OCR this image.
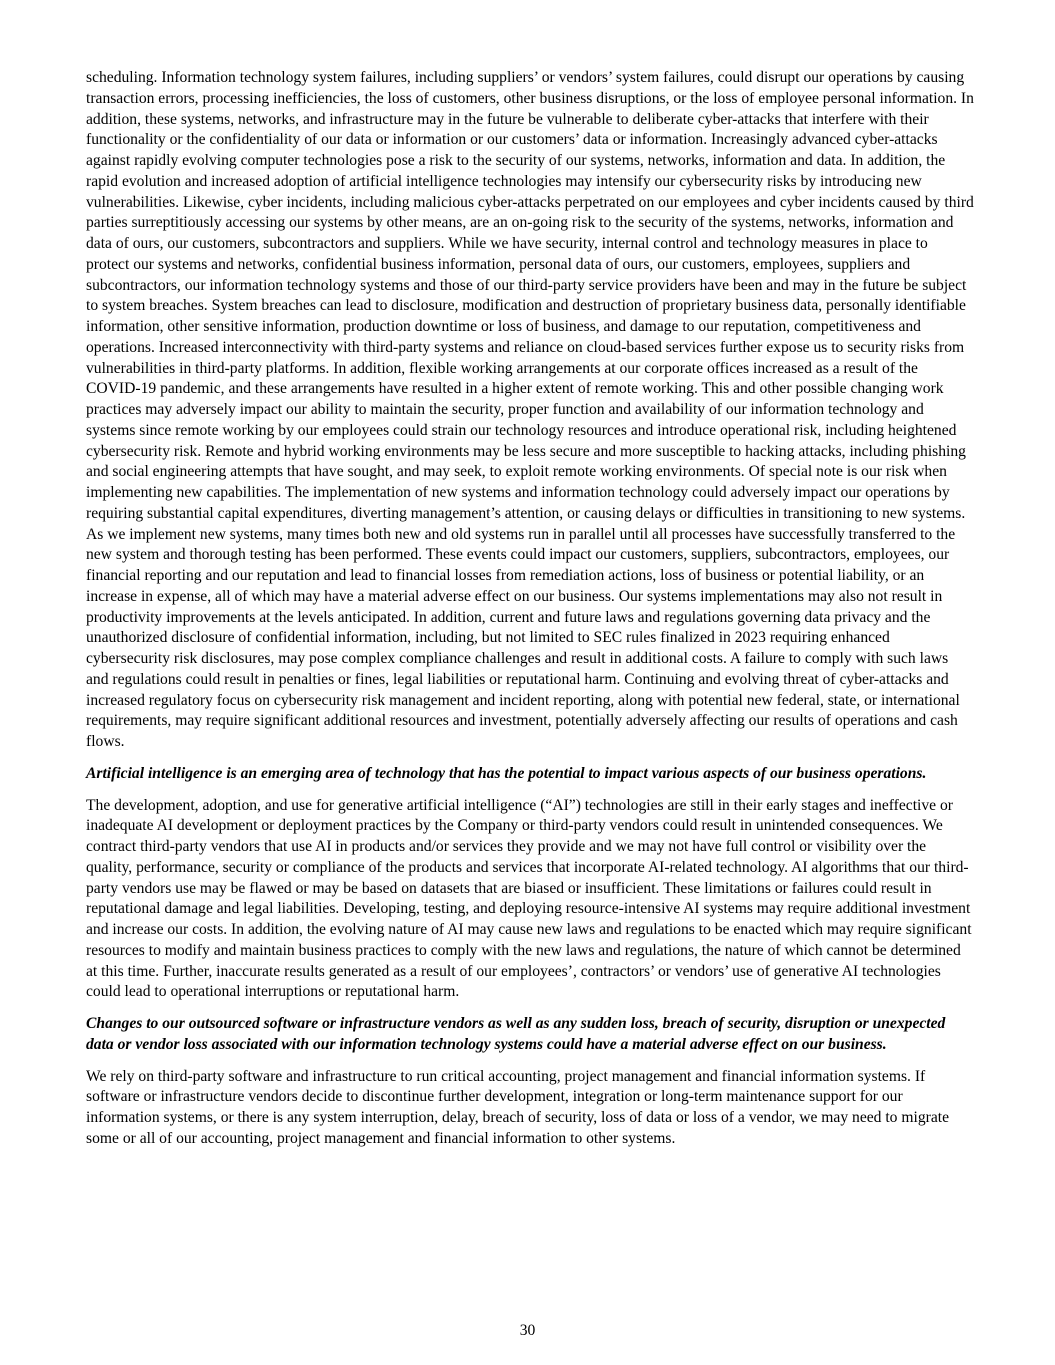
scheduling. Information technology system failures, including suppliers’ or vendors’ system failures, could disrupt our operations by causing transaction errors, processing inefficiencies, the loss of customers, other business disruptions, or the loss of employee personal information. In addition, these systems, networks, and infrastructure may in the future be vulnerable to deliberate cyber-attacks that interfere with their functionality or the confidentiality of our data or information or our customers’ data or information. Increasingly advanced cyber-attacks against rapidly evolving computer technologies pose a risk to the security of our systems, networks, information and data. In addition, the rapid evolution and increased adoption of artificial intelligence technologies may intensify our cybersecurity risks by introducing new vulnerabilities. Likewise, cyber incidents, including malicious cyber-attacks perpetrated on our employees and cyber incidents caused by third parties surreptitiously accessing our systems by other means, are an on-going risk to the security of the systems, networks, information and data of ours, our customers, subcontractors and suppliers. While we have security, internal control and technology measures in place to protect our systems and networks, confidential business information, personal data of ours, our customers, employees, suppliers and subcontractors, our information technology systems and those of our third-party service providers have been and may in the future be subject to system breaches. System breaches can lead to disclosure, modification and destruction of proprietary business data, personally identifiable information, other sensitive information, production downtime or loss of business, and damage to our reputation, competitiveness and operations. Increased interconnectivity with third-party systems and reliance on cloud-based services further expose us to security risks from vulnerabilities in third-party platforms. In addition, flexible working arrangements at our corporate offices increased as a result of the COVID-19 pandemic, and these arrangements have resulted in a higher extent of remote working. This and other possible changing work practices may adversely impact our ability to maintain the security, proper function and availability of our information technology and systems since remote working by our employees could strain our technology resources and introduce operational risk, including heightened cybersecurity risk. Remote and hybrid working environments may be less secure and more susceptible to hacking attacks, including phishing and social engineering attempts that have sought, and may seek, to exploit remote working environments. Of special note is our risk when implementing new capabilities. The implementation of new systems and information technology could adversely impact our operations by requiring substantial capital expenditures, diverting management’s attention, or causing delays or difficulties in transitioning to new systems. As we implement new systems, many times both new and old systems run in parallel until all processes have successfully transferred to the new system and thorough testing has been performed. These events could impact our customers, suppliers, subcontractors, employees, our financial reporting and our reputation and lead to financial losses from remediation actions, loss of business or potential liability, or an increase in expense, all of which may have a material adverse effect on our business. Our systems implementations may also not result in productivity improvements at the levels anticipated. In addition, current and future laws and regulations governing data privacy and the unauthorized disclosure of confidential information, including, but not limited to SEC rules finalized in 2023 requiring enhanced cybersecurity risk disclosures, may pose complex compliance challenges and result in additional costs. A failure to comply with such laws and regulations could result in penalties or fines, legal liabilities or reputational harm. Continuing and evolving threat of cyber-attacks and increased regulatory focus on cybersecurity risk management and incident reporting, along with potential new federal, state, or international requirements, may require significant additional resources and investment, potentially adversely affecting our results of operations and cash flows.

Artificial intelligence is an emerging area of technology that has the potential to impact various aspects of our business operations.

The development, adoption, and use for generative artificial intelligence (“AI”) technologies are still in their early stages and ineffective or inadequate AI development or deployment practices by the Company or third-party vendors could result in unintended consequences. We contract third-party vendors that use AI in products and/or services they provide and we may not have full control or visibility over the quality, performance, security or compliance of the products and services that incorporate AI-related technology. AI algorithms that our third-party vendors use may be flawed or may be based on datasets that are biased or insufficient. These limitations or failures could result in reputational damage and legal liabilities. Developing, testing, and deploying resource-intensive AI systems may require additional investment and increase our costs. In addition, the evolving nature of AI may cause new laws and regulations to be enacted which may require significant resources to modify and maintain business practices to comply with the new laws and regulations, the nature of which cannot be determined at this time. Further, inaccurate results generated as a result of our employees’, contractors’ or vendors’ use of generative AI technologies could lead to operational interruptions or reputational harm.

Changes to our outsourced software or infrastructure vendors as well as any sudden loss, breach of security, disruption or unexpected data or vendor loss associated with our information technology systems could have a material adverse effect on our business.

We rely on third-party software and infrastructure to run critical accounting, project management and financial information systems. If software or infrastructure vendors decide to discontinue further development, integration or long-term maintenance support for our information systems, or there is any system interruption, delay, breach of security, loss of data or loss of a vendor, we may need to migrate some or all of our accounting, project management and financial information to other systems.

30
